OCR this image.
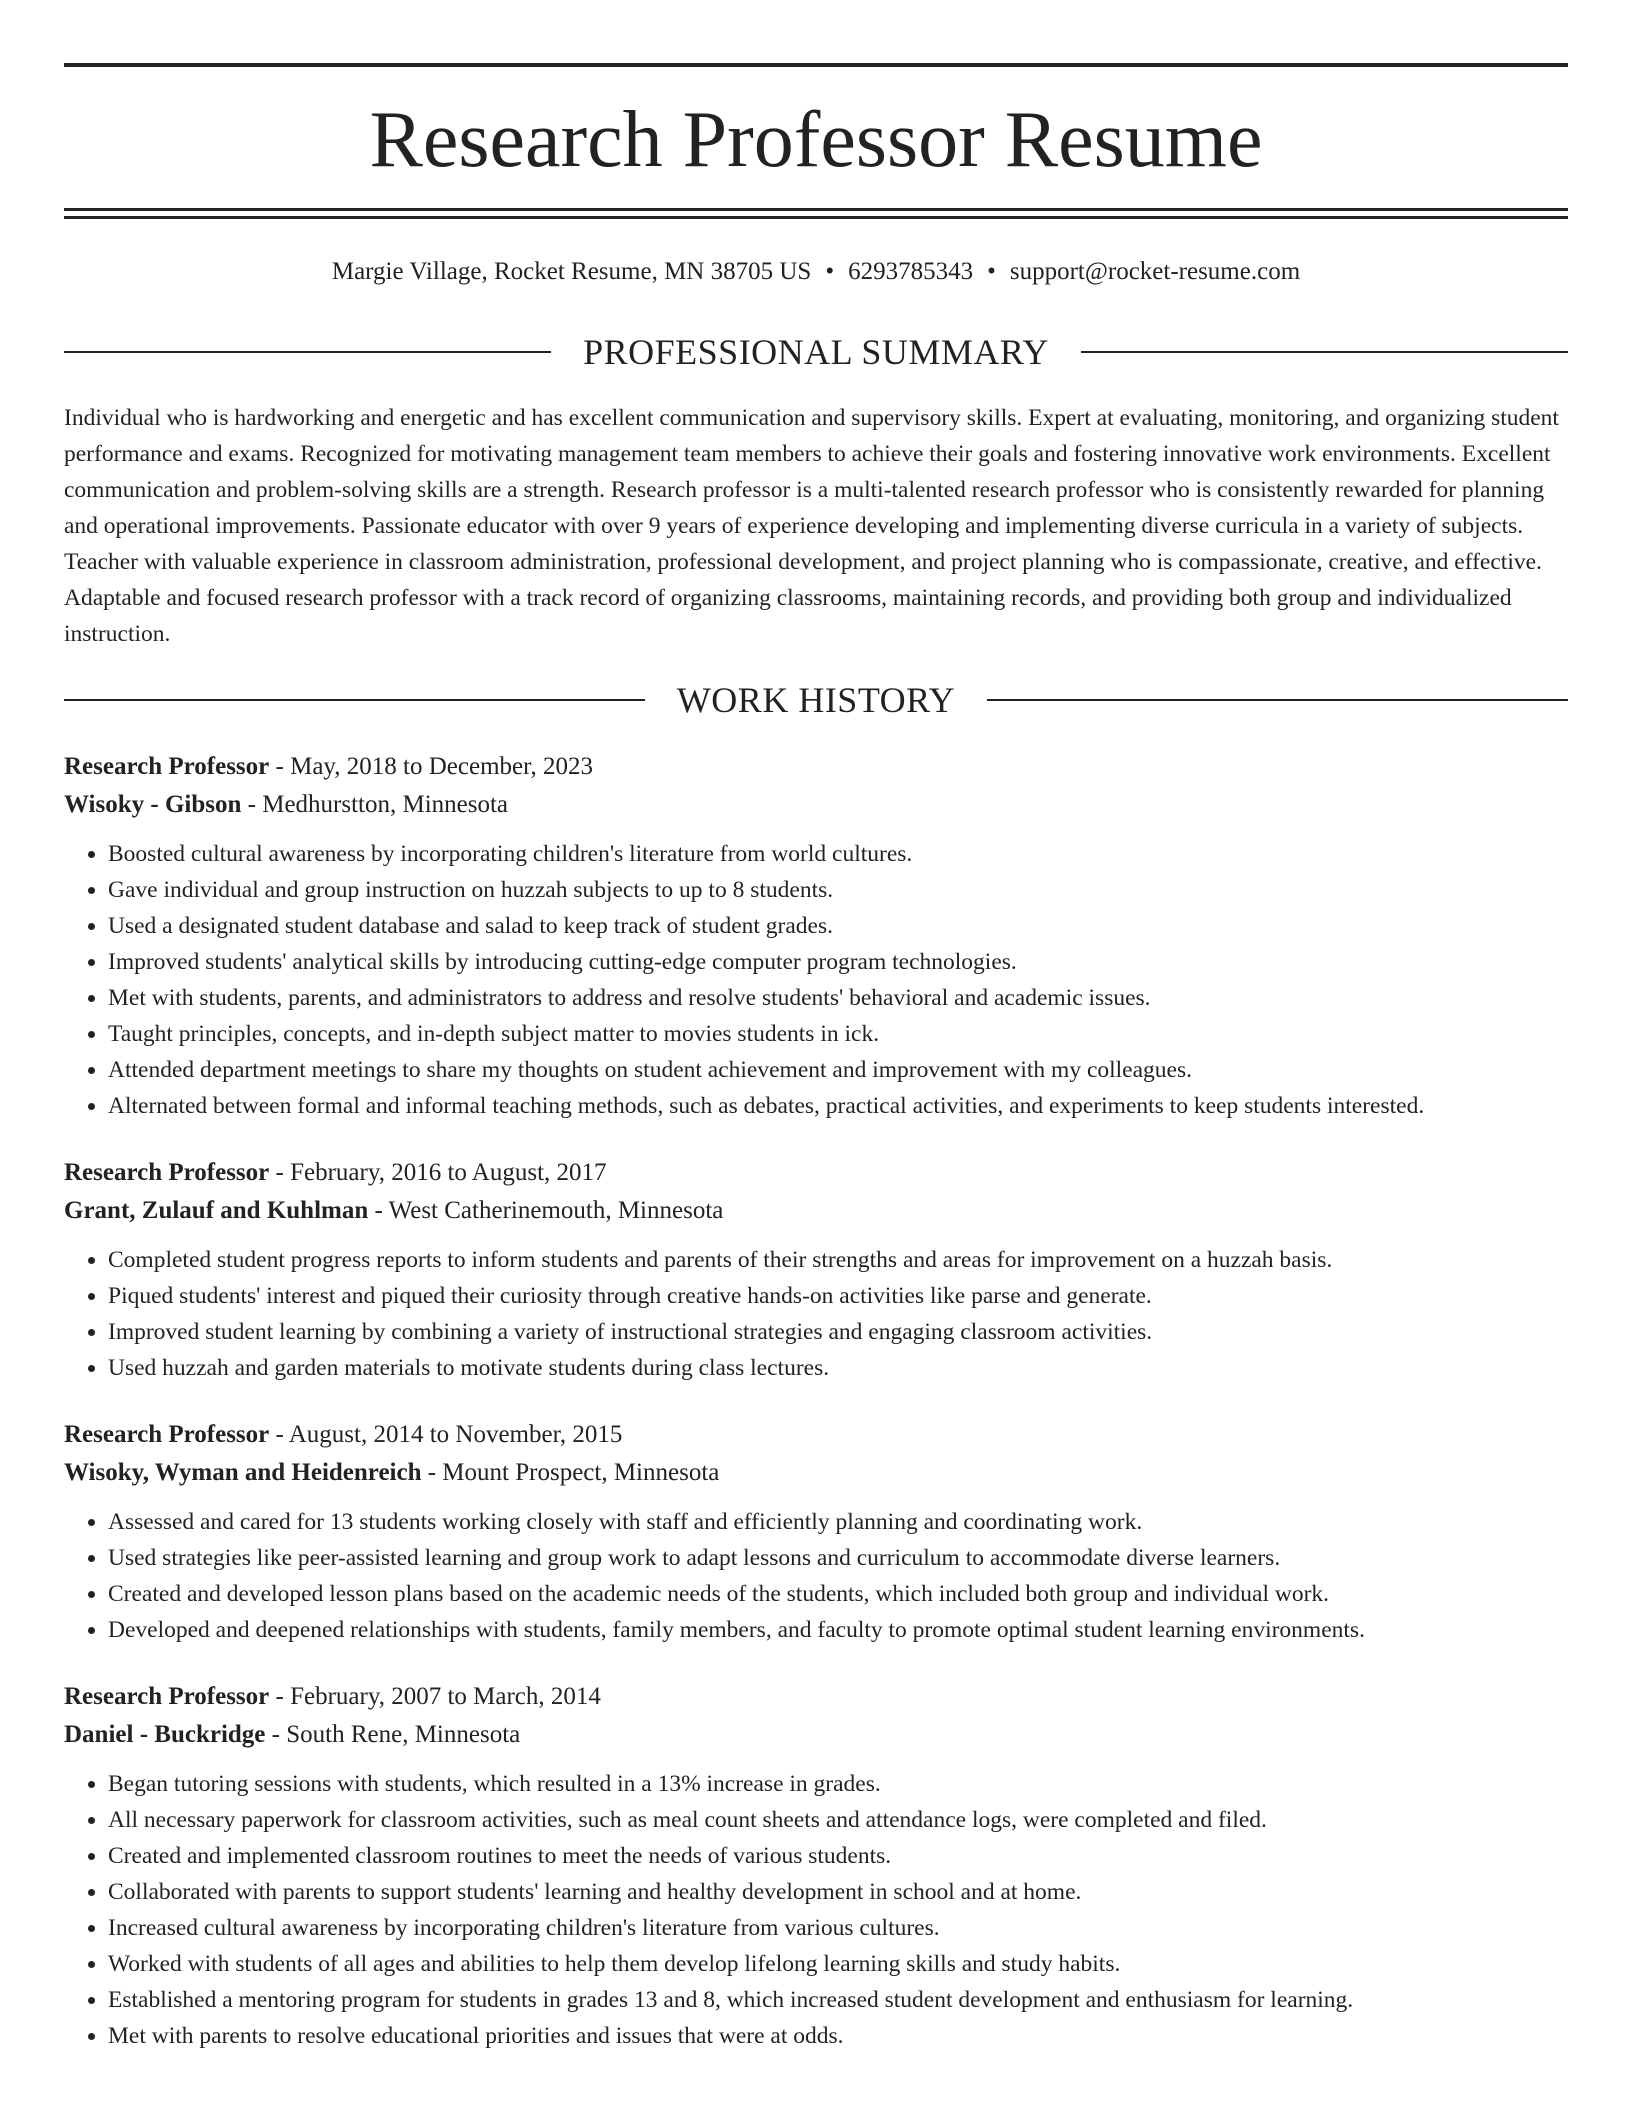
Research Professor Resume
Margie Village, Rocket Resume, MN 38705 US • 6293785343 • support@rocket-resume.com
PROFESSIONAL SUMMARY

Individual who is hardworking and energetic and has excellent communication and supervisory skills. Expert at evaluating, monitoring, and organizing student performance and exams. Recognized for motivating management team members to achieve their goals and fostering innovative work environments. Excellent communication and problem-solving skills are a strength. Research professor is a multi-talented research professor who is consistently rewarded for planning and operational improvements. Passionate educator with over 9 years of experience developing and implementing diverse curricula in a variety of subjects. Teacher with valuable experience in classroom administration, professional development, and project planning who is compassionate, creative, and effective. Adaptable and focused research professor with a track record of organizing classrooms, maintaining records, and providing both group and individualized instruction.

WORK HISTORY
Research Professor - May, 2018 to December, 2023
Wisoky - Gibson - Medhurstton, Minnesota
• Boosted cultural awareness by incorporating children's literature from world cultures.
• Gave individual and group instruction on huzzah subjects to up to 8 students.
• Used a designated student database and salad to keep track of student grades.
• Improved students' analytical skills by introducing cutting-edge computer program technologies.
• Met with students, parents, and administrators to address and resolve students' behavioral and academic issues.
• Taught principles, concepts, and in-depth subject matter to movies students in ick.
• Attended department meetings to share my thoughts on student achievement and improvement with my colleagues.
• Alternated between formal and informal teaching methods, such as debates, practical activities, and experiments to keep students interested.
Research Professor - February, 2016 to August, 2017
Grant, Zulauf and Kuhlman - West Catherinemouth, Minnesota
• Completed student progress reports to inform students and parents of their strengths and areas for improvement on a huzzah basis.
• Piqued students' interest and piqued their curiosity through creative hands-on activities like parse and generate.
• Improved student learning by combining a variety of instructional strategies and engaging classroom activities.
• Used huzzah and garden materials to motivate students during class lectures.
Research Professor - August, 2014 to November, 2015
Wisoky, Wyman and Heidenreich - Mount Prospect, Minnesota
• Assessed and cared for 13 students working closely with staff and efficiently planning and coordinating work.
• Used strategies like peer-assisted learning and group work to adapt lessons and curriculum to accommodate diverse learners.
• Created and developed lesson plans based on the academic needs of the students, which included both group and individual work.
• Developed and deepened relationships with students, family members, and faculty to promote optimal student learning environments.
Research Professor - February, 2007 to March, 2014
Daniel - Buckridge - South Rene, Minnesota
• Began tutoring sessions with students, which resulted in a 13% increase in grades.
• All necessary paperwork for classroom activities, such as meal count sheets and attendance logs, were completed and filed.
• Created and implemented classroom routines to meet the needs of various students.
• Collaborated with parents to support students' learning and healthy development in school and at home.
• Increased cultural awareness by incorporating children's literature from various cultures.
• Worked with students of all ages and abilities to help them develop lifelong learning skills and study habits.
• Established a mentoring program for students in grades 13 and 8, which increased student development and enthusiasm for learning.
• Met with parents to resolve educational priorities and issues that were at odds.
